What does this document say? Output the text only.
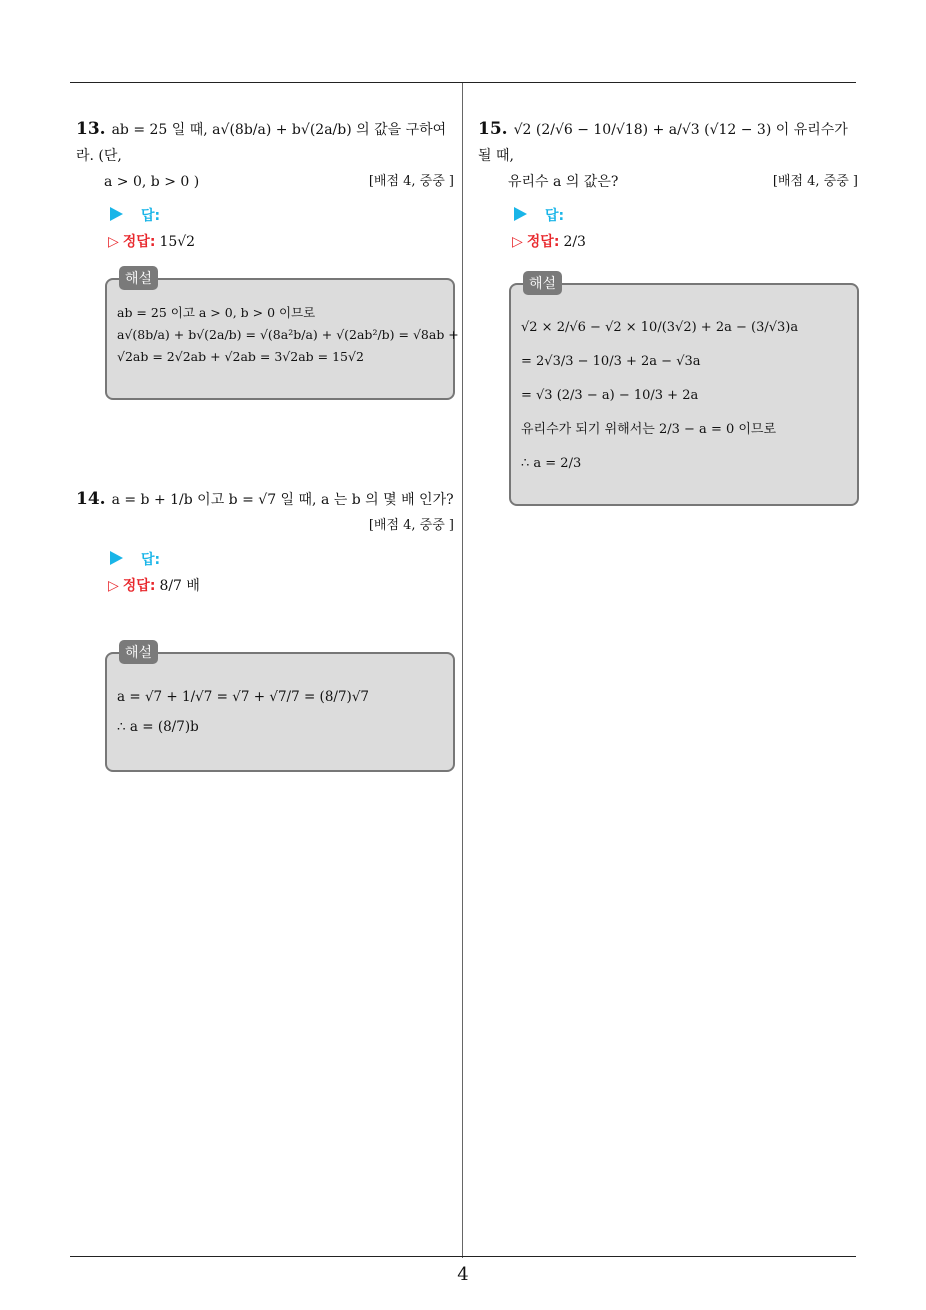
13. ab = 25 일 때, a√(8b/a) + b√(2a/b) 의 값을 구하여라. (단,
a > 0, b > 0 )	[배점 4, 중중 ]
답:
▷ 정답: 15√2
해설
ab = 25 이고 a > 0, b > 0 이므로
a√(8b/a) + b√(2a/b) = √(8a²b/a) + √(2ab²/b) = √8ab +
√2ab = 2√2ab + √2ab = 3√2ab = 15√2
14. a = b + 1/b 이고 b = √7 일 때, a 는 b 의 몇 배 인가?
[배점 4, 중중 ]
답:
▷ 정답: 8/7 배
해설
a = √7 + 1/√7 = √7 + √7/7 = (8/7)√7
∴ a = (8/7)b
15. √2 (2/√6 − 10/√18) + a/√3 (√12 − 3) 이 유리수가 될 때,
유리수 a 의 값은?	[배점 4, 중중 ]
답:
▷ 정답: 2/3
해설
√2 × 2/√6 − √2 × 10/(3√2) + 2a − (3/√3)a
= 2√3/3 − 10/3 + 2a − √3a
= √3 (2/3 − a) − 10/3 + 2a
유리수가 되기 위해서는 2/3 − a = 0 이므로
∴ a = 2/3
4
